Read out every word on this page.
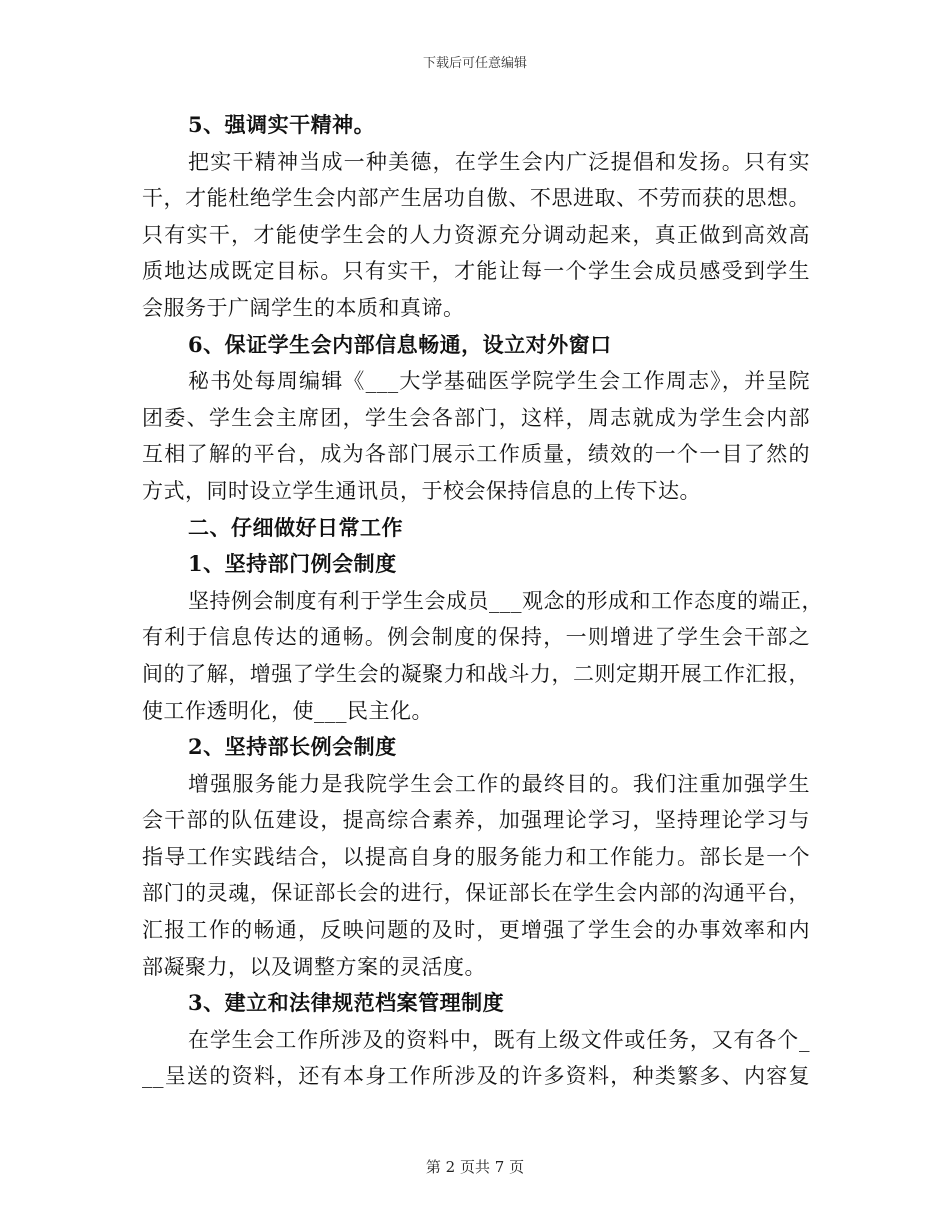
下载后可任意编辑
5、强调实干精神。
把实干精神当成一种美德，在学生会内广泛提倡和发扬。只有实
干，才能杜绝学生会内部产生居功自傲、不思进取、不劳而获的思想。
只有实干，才能使学生会的人力资源充分调动起来，真正做到高效高
质地达成既定目标。只有实干，才能让每一个学生会成员感受到学生
会服务于广阔学生的本质和真谛。
6、保证学生会内部信息畅通，设立对外窗口
秘书处每周编辑《___大学基础医学院学生会工作周志》，并呈院
团委、学生会主席团，学生会各部门，这样，周志就成为学生会内部
互相了解的平台，成为各部门展示工作质量，绩效的一个一目了然的
方式，同时设立学生通讯员，于校会保持信息的上传下达。
二、仔细做好日常工作
1、坚持部门例会制度
坚持例会制度有利于学生会成员___观念的形成和工作态度的端正，
有利于信息传达的通畅。例会制度的保持，一则增进了学生会干部之
间的了解，增强了学生会的凝聚力和战斗力，二则定期开展工作汇报，
使工作透明化，使___民主化。
2、坚持部长例会制度
增强服务能力是我院学生会工作的最终目的。我们注重加强学生
会干部的队伍建设，提高综合素养，加强理论学习，坚持理论学习与
指导工作实践结合，以提高自身的服务能力和工作能力。部长是一个
部门的灵魂，保证部长会的进行，保证部长在学生会内部的沟通平台，
汇报工作的畅通，反映问题的及时，更增强了学生会的办事效率和内
部凝聚力，以及调整方案的灵活度。
3、建立和法律规范档案管理制度
在学生会工作所涉及的资料中，既有上级文件或任务，又有各个_
__呈送的资料，还有本身工作所涉及的许多资料，种类繁多、内容复
第 2 页共 7 页
